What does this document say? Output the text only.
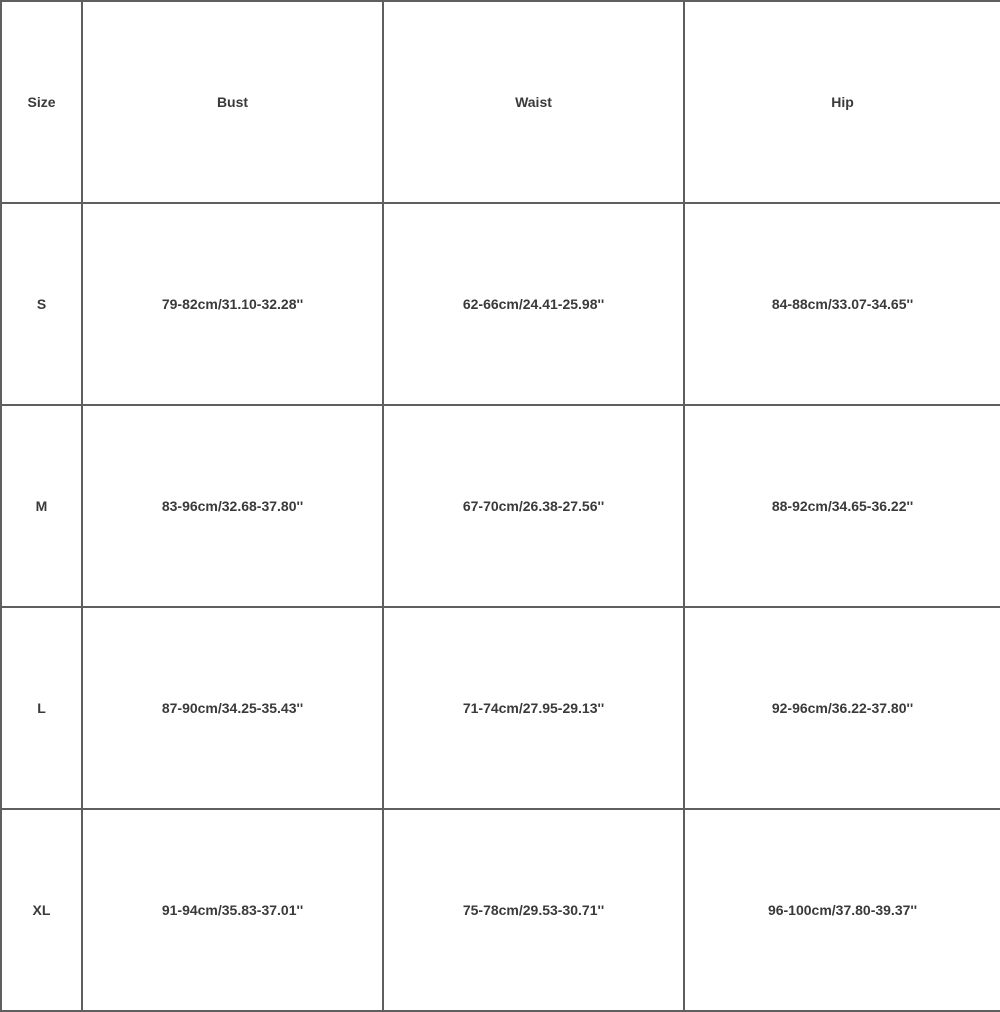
Size	Bust	Waist	Hip
S	79-82cm/31.10-32.28''	62-66cm/24.41-25.98''	84-88cm/33.07-34.65''
M	83-96cm/32.68-37.80''	67-70cm/26.38-27.56''	88-92cm/34.65-36.22''
L	87-90cm/34.25-35.43''	71-74cm/27.95-29.13''	92-96cm/36.22-37.80''
XL	91-94cm/35.83-37.01''	75-78cm/29.53-30.71''	96-100cm/37.80-39.37''
